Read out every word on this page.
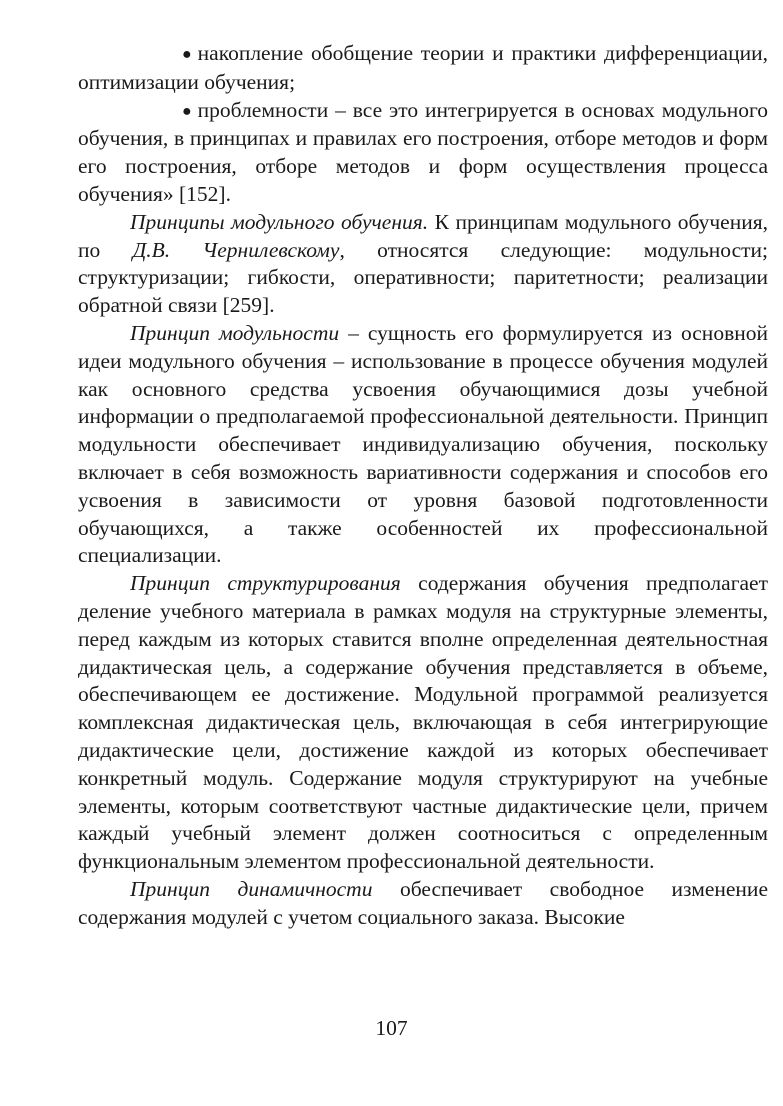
● накопление обобщение теории и практики дифференциации, оптимизации обучения;

● проблемности – все это интегрируется в основах модульного обучения, в принципах и правилах его построения, отборе методов и форм его построения, отборе методов и форм осуществления процесса обучения» [152].

Принципы модульного обучения. К принципам модульного обучения, по Д.В. Чернилевскому, относятся следующие: модульности; структуризации; гибкости, оперативности; паритетности; реализации обратной связи [259].

Принцип модульности – сущность его формулируется из основной идеи модульного обучения – использование в процессе обучения модулей как основного средства усвоения обучающимися дозы учебной информации о предполагаемой профессиональной деятельности. Принцип модульности обеспечивает индивидуализацию обучения, поскольку включает в себя возможность вариативности содержания и способов его усвоения в зависимости от уровня базовой подготовленности обучающихся, а также особенностей их профессиональной специализации.

Принцип структурирования содержания обучения предполагает деление учебного материала в рамках модуля на структурные элементы, перед каждым из которых ставится вполне определенная деятельностная дидактическая цель, а содержание обучения представляется в объеме, обеспечивающем ее достижение. Модульной программой реализуется комплексная дидактическая цель, включающая в себя интегрирующие дидактические цели, достижение каждой из которых обеспечивает конкретный модуль. Содержание модуля структурируют на учебные элементы, которым соответствуют частные дидактические цели, причем каждый учебный элемент должен соотноситься с определенным функциональным элементом профессиональной деятельности.

Принцип динамичности обеспечивает свободное изменение содержания модулей с учетом социального заказа. Высокие

107
